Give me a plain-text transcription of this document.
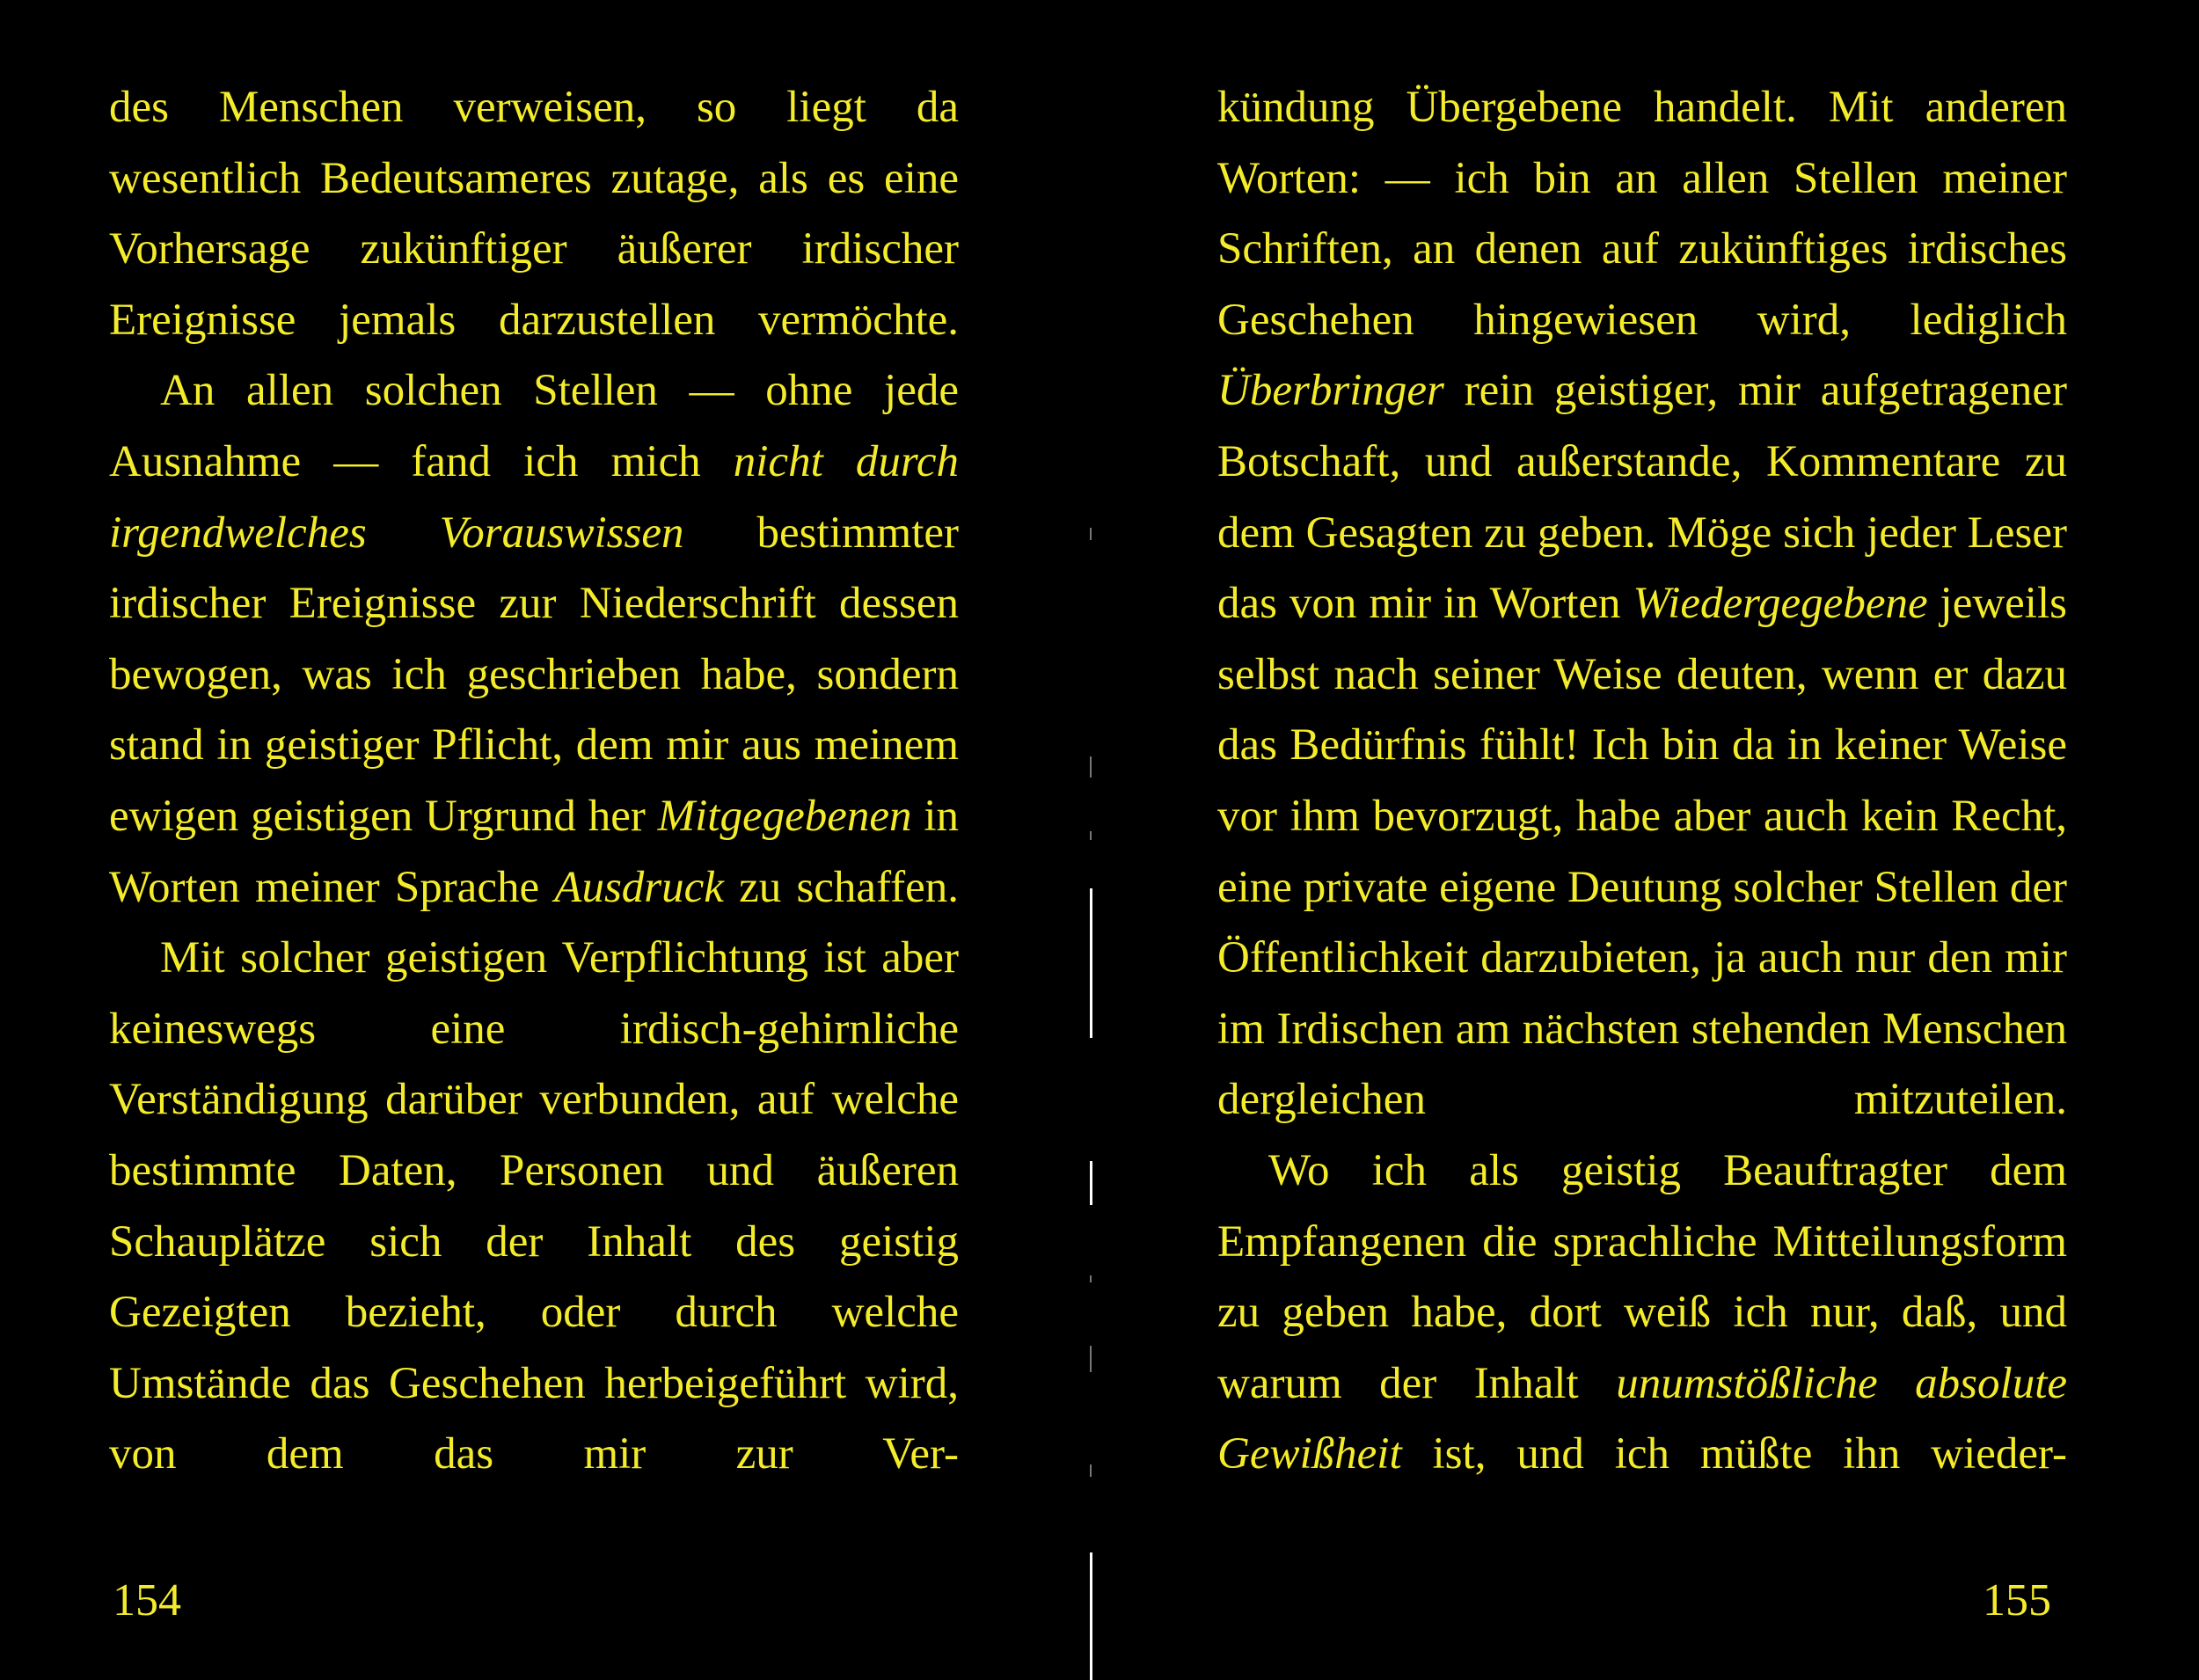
des Menschen verweisen, so liegt da wesentlich Bedeutsameres zutage, als es eine Vorhersage zukünftiger äußerer irdischer Ereignisse jemals darzustellen vermöchte.

An allen solchen Stellen — ohne jede Ausnahme — fand ich mich nicht durch irgendwelches Vorauswissen bestimmter irdischer Ereignisse zur Niederschrift dessen bewogen, was ich geschrieben habe, sondern stand in geistiger Pflicht, dem mir aus meinem ewigen geistigen Urgrund her Mitgegebenen in Worten meiner Sprache Ausdruck zu schaffen.

Mit solcher geistigen Verpflichtung ist aber keineswegs eine irdisch-gehirnliche Verständigung darüber verbunden, auf welche bestimmte Daten, Personen und äußeren Schauplätze sich der Inhalt des geistig Gezeigten bezieht, oder durch welche Umstände das Geschehen herbeigeführt wird, von dem das mir zur Ver-

154

kündung Übergebene handelt. Mit anderen Worten: — ich bin an allen Stellen meiner Schriften, an denen auf zukünftiges irdisches Geschehen hingewiesen wird, lediglich Überbringer rein geistiger, mir aufgetragener Botschaft, und außerstande, Kommentare zu dem Gesagten zu geben. Möge sich jeder Leser das von mir in Worten Wiedergegebene jeweils selbst nach seiner Weise deuten, wenn er dazu das Bedürfnis fühlt! Ich bin da in keiner Weise vor ihm bevorzugt, habe aber auch kein Recht, eine private eigene Deutung solcher Stellen der Öffentlichkeit darzubieten, ja auch nur den mir im Irdischen am nächsten stehenden Menschen dergleichen mitzuteilen.

Wo ich als geistig Beauftragter dem Empfangenen die sprachliche Mitteilungsform zu geben habe, dort weiß ich nur, daß, und warum der Inhalt unumstößliche absolute Gewißheit ist, und ich müßte ihn wieder-

155
